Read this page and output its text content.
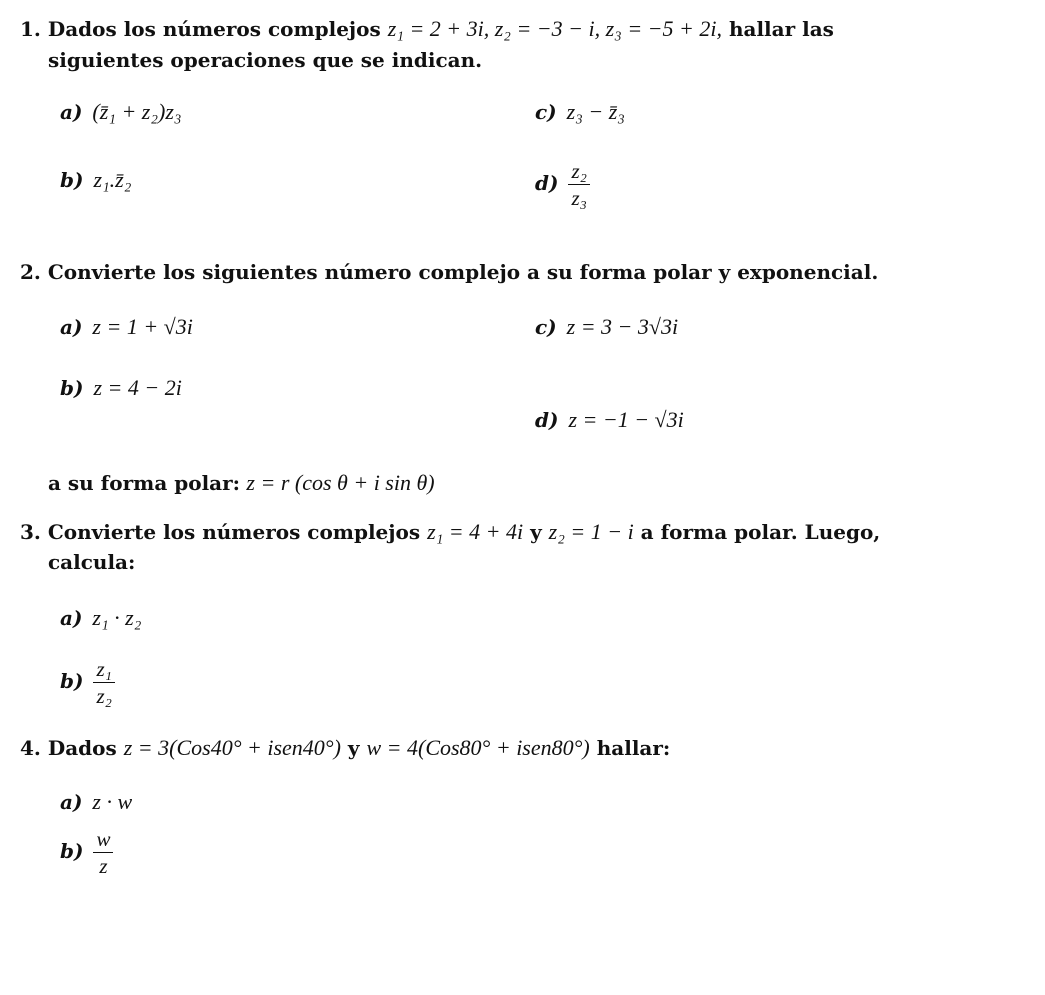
1. Dados los números complejos z₁ = 2 + 3i, z₂ = −3 − i, z₃ = −5 + 2i, hallar las
siguientes operaciones que se indican.
a) (z̄₁ + z₂)z₃
b) z₁.z̄₂
c) z₃ − z̄₃
$d) \frac{\text{z₂}}{\text{z₃}}$
2. Convierte los siguientes número complejo a su forma polar y exponencial.
a) z = 1 + √3i
b) z = 4 − 2i
c) z = 3 − 3√3i
d) z = −1 − √3i
a su forma polar: z = r (cos θ + i sin θ)
3. Convierte los números complejos z₁ = 4 + 4i y z₂ = 1 − i a forma polar. Luego,
calcula:
a) z₁ · z₂
$b) \frac{\text{z₁}}{\text{z₂}}$
4. Dados z = 3(Cos40° + isen40°) y w = 4(Cos80° + isen80°) hallar:
a) z · w
$b) \frac{w}{z}$
